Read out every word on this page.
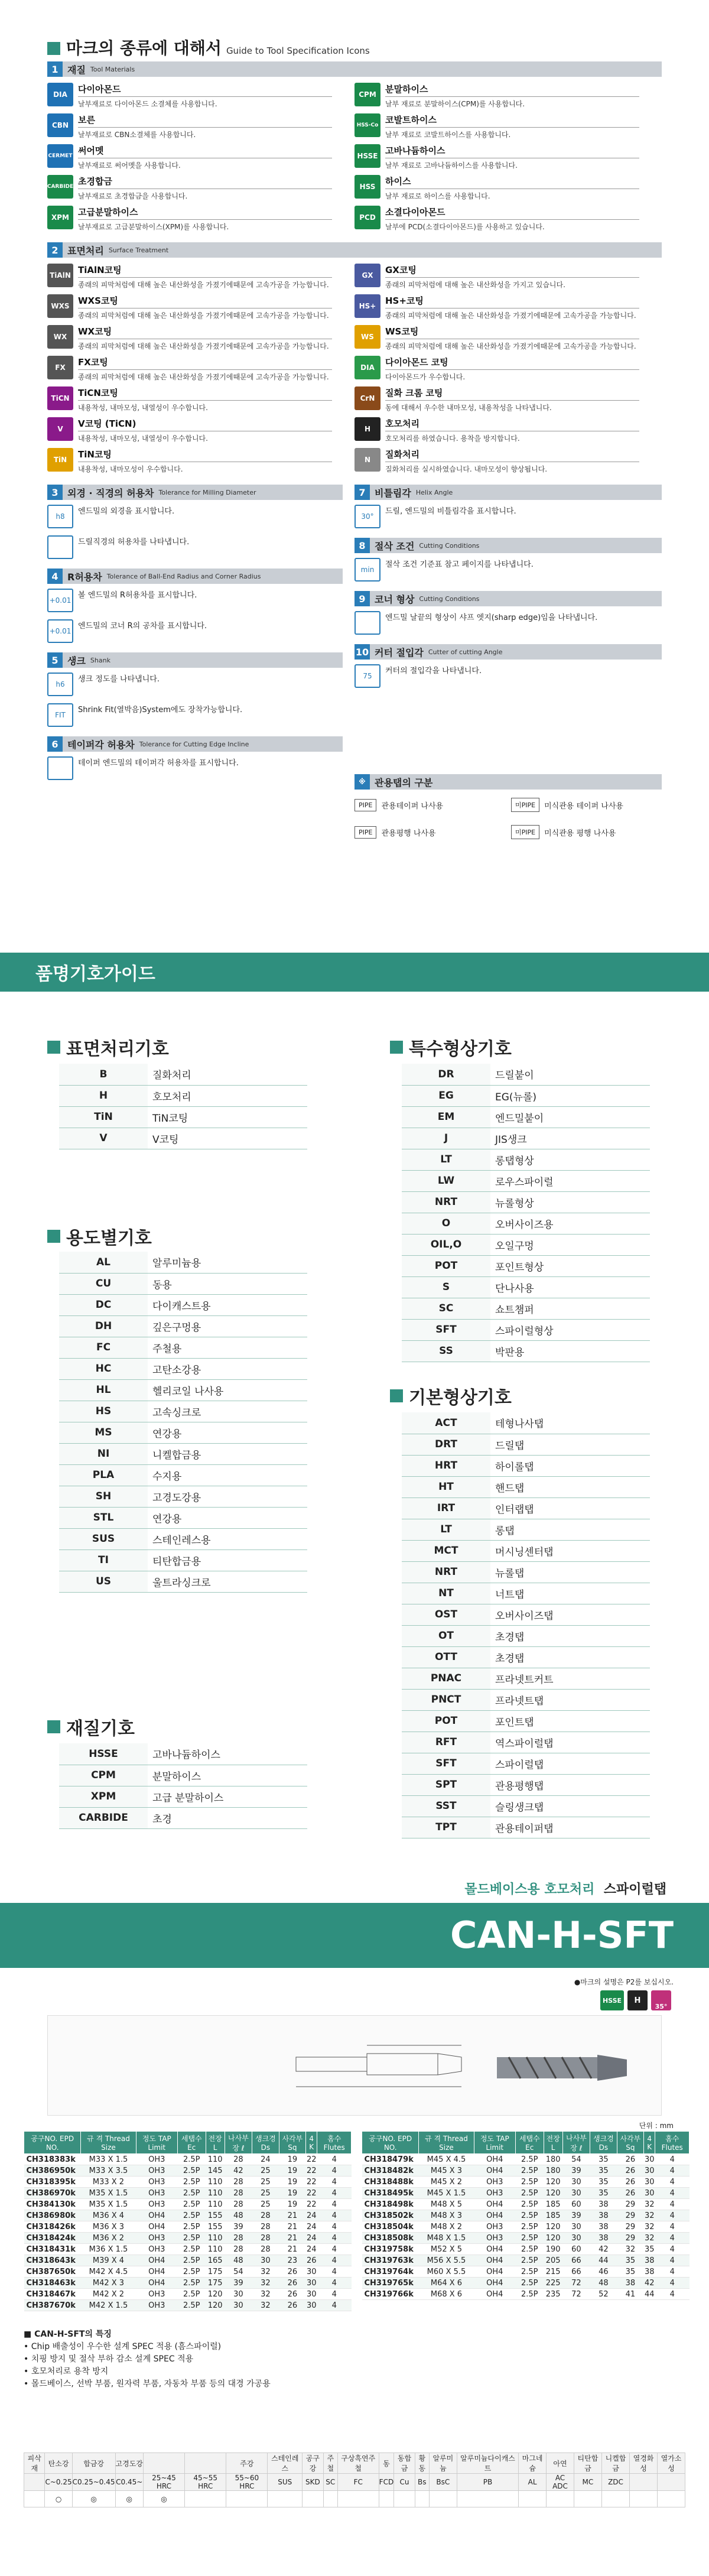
마크의 종류에 대해서 Guide to Tool Specification Icons
1 재질 Tool Materials
DIA	다이아몬드
날부재료로 다이아몬드 소결체를 사용합니다.
CBN	보른
날부재료로 CBN소결체를 사용합니다.
CERMET 써어멧
날부재료로 써어멧을 사용합니다.
CARBIDE 초경합금
날부재료로 초경합금을 사용합니다.
XPM	고급분말하이스
날부재료로 고급분말하이스(XPM)를 사용합니다.
CPM	분말하이스
날부 재료로 분말하이스(CPM)를 사용합니다.
HSS-Co 코발트하이스
날부 재료로 코발트하이스를 사용합니다.
HSSE 고바나듐하이스
날부 재료로 고바나듐하이스를 사용합니다.
HSS	하이스
날부 재료로 하이스를 사용합니다.
PCD	소결다이아몬드
날부에 PCD(소결다이아몬드)를 사용하고 있습니다.
2 표면처리 Surface Treatment
TiAlN TiAlN코팅
종래의 피막처럼에 대해 높은 내산화성을 가졌기에때문에 고속가공을 가능합니다.
WXS WXS코팅
종래의 피막처럼에 대해 높은 내산화성을 가졌기에때문에 고속가공을 가능합니다.
WX	WX코팅
종래의 피막처럼에 대해 높은 내산화성을 가졌기에때문에 고속가공을 가능합니다.
FX	FX코팅
종래의 피막처럼에 대해 높은 내산화성을 가졌기에때문에 고속가공을 가능합니다.
TiCN TiCN코팅
내용착성, 내마모성, 내열성이 우수합니다.
V	V코팅 (TiCN)
내용착성, 내마모성, 내열성이 우수합니다.
TiN	TiN코팅
내용착성, 내마모성이 우수합니다.
GX	GX코팅
종래의 피막처럼에 대해 높은 내산화성을 가지고 있습니다.
HS+	HS+코팅
종래의 피막처럼에 대해 높은 내산화성을 가졌기에때문에 고속가공을 가능합니다.
WS	WS코팅
종래의 피막처럼에 대해 높은 내산화성을 가졌기에때문에 고속가공을 가능합니다.
DIA	다이아몬드 코팅
다이아몬드가 우수합니다.
CrN	질화 크롬 코팅
동에 대해서 우수한 내마모성, 내용착성을 나타냅니다.
H	호모처리
호모처리를 하였습니다. 용착을 방지합니다.
N	질화처리
질화처리를 실시하였습니다. 내마모성이 향상됩니다.
3 외경 · 직경의 허용차 Tolerance for Milling Diameter
h8
엔드밀의 외경을 표시합니다.
드릴직경의 허용차를 나타냅니다.
4 R허용차 Tolerance of Ball-End Radius and Corner Radius
+0.01
볼 엔드밀의 R허용차를 표시합니다.
+0.01
엔드밀의 코너 R의 공차를 표시합니다.
5 생크 Shank
h6
생크 정도를 나타냅니다.
FIT
Shrink Fit(열박음)System에도 장착가능합니다.
6 테이퍼각 허용차 Tolerance for Cutting Edge Incline
테이퍼 엔드밀의 테이퍼각 허용차를 표시합니다.
7 비틀림각 Helix Angle
30°
드릴, 엔드밀의 비틀림각을 표시합니다.
8 절삭 조건 Cutting Conditions
min
절삭 조건 기준표 참고 페이지를 나타냅니다.
9 코너 형상 Cutting Conditions
엔드밀 날끝의 형상이 샤프 엣지(sharp edge)임을 나타냅니다.
10 커터 절입각 Cutter of cutting Angle
75
커터의 절입각을 나타냅니다.
※ 관용탭의 구분
PIPE	관용테이퍼 나사용	미PIPE	미식관용 테이퍼 나사용
PIPE	관용평행 나사용	미PIPE	미식관용 평행 나사용
품명기호가이드
표면처리기호
B	질화처리
H	호모처리
TiN	TiN코팅
V	V코팅
용도별기호
AL	알루미늄용
CU	동용
DC	다이캐스트용
DH	깊은구멍용
FC	주철용
HC	고탄소강용
HL	헬리코일 나사용
HS	고속싱크로
MS	연강용
NI	니켈합금용
PLA	수지용
SH	고경도강용
STL	연강용
SUS	스테인레스용
TI	티탄합금용
US	울트라싱크로
재질기호
HSSE	고바나듐하이스
CPM	분말하이스
XPM	고급 분말하이스
CARBIDE	초경
특수형상기호
DR	드릴붙이
EG	EG(뉴롤)
EM	엔드밀붙이
J	JIS생크
LT	롱탭형상
LW	로우스파이럴
NRT	뉴롤형상
O	오버사이즈용
OIL,O	오일구멍
POT	포인트형상
S	단나사용
SC	쇼트챔퍼
SFT	스파이럴형상
SS	박판용
기본형상기호
ACT	테형나사탭
DRT	드릴탭
HRT	하이롤탭
HT	핸드탭
IRT	인터랩탭
LT	롱탭
MCT	머시닝센터탭
NRT	뉴롤탭
NT	너트탭
OST	오버사이즈탭
OT	초경탭
OTT	초경탭
PNAC	프라넷트커트
PNCT	프라넷트탭
POT	포인트탭
RFT	역스파이럴탭
SFT	스파이럴탭
SPT	관용평행탭
SST	슬링생크탭
TPT	관용테이퍼탭
몰드베이스용 호모처리 스파이럴탭
CAN-H-SFT
●마크의 설명은 P2를 보십시오.
HSSE	H
35°
단위 : mm
공구NO. EPD NO.	규 격 Thread Size	정도 TAP Limit	세탭수 Ec	전장 L	나사부장 ℓ	생크경 Ds	사각부 Sq	4 K	홈수 Flutes
CH318383k	M33 X 1.5	OH3	2.5P	110	28	24	19	22	4
CH386950k	M33 X 3.5	OH3	2.5P	145	42	25	19	22	4
CH318395k	M33 X 2	OH3	2.5P	110	28	25	19	22	4
CH386970k	M35 X 1.5	OH3	2.5P	110	28	25	19	22	4
CH384130k	M35 X 1.5	OH3	2.5P	110	28	25	19	22	4
CH386980k	M36 X 4	OH4	2.5P	155	48	28	21	24	4
CH318426k	M36 X 3	OH4	2.5P	155	39	28	21	24	4
CH318424k	M36 X 2	OH3	2.5P	110	28	28	21	24	4
CH318431k	M36 X 1.5	OH3	2.5P	110	28	28	21	24	4
CH318643k	M39 X 4	OH4	2.5P	165	48	30	23	26	4
CH387650k	M42 X 4.5	OH4	2.5P	175	54	32	26	30	4
CH318463k	M42 X 3	OH4	2.5P	175	39	32	26	30	4
CH318467k	M42 X 2	OH3	2.5P	120	30	32	26	30	4
CH387670k	M42 X 1.5	OH3	2.5P	120	30	32	26	30	4
공구NO. EPD NO.	규 격 Thread Size	정도 TAP Limit	세탭수 Ec	전장 L	나사부장 ℓ	생크경 Ds	사각부 Sq	4 K	홈수 Flutes
CH318479k	M45 X 4.5	OH4	2.5P	180	54	35	26	30	4
CH318482k	M45 X 3	OH4	2.5P	180	39	35	26	30	4
CH318488k	M45 X 2	OH3	2.5P	120	30	35	26	30	4
CH318495k	M45 X 1.5	OH3	2.5P	120	30	35	26	30	4
CH318498k	M48 X 5	OH4	2.5P	185	60	38	29	32	4
CH318502k	M48 X 3	OH4	2.5P	185	39	38	29	32	4
CH318504k	M48 X 2	OH3	2.5P	120	30	38	29	32	4
CH318508k	M48 X 1.5	OH3	2.5P	120	30	38	29	32	4
CH319758k	M52 X 5	OH4	2.5P	190	60	42	32	35	4
CH319763k	M56 X 5.5	OH4	2.5P	205	66	44	35	38	4
CH319764k	M60 X 5.5	OH4	2.5P	215	66	46	35	38	4
CH319765k	M64 X 6	OH4	2.5P	225	72	48	38	42	4
CH319766k	M68 X 6	OH4	2.5P	235	72	52	41	44	4
■ CAN-H-SFT의 특징
• Chip 배출성이 우수한 설계 SPEC 적용 (흠스파이럴)
• 치핑 방지 및 절삭 부하 감소 설계 SPEC 적용
• 호모처리로 용착 방지
• 몰드베이스, 선박 부품, 원자력 부품, 자동차 부품 등의 대경 가공용
피삭재	탄소강	합금강	고경도강			주강	스테인레스	공구강	주철	구상흑연주철	동	동합금	황동	알루미늄	알루미늄다이캐스트	마그네슘	아연	티탄합금	니켈합금	열경화성	열가소성
	C~0.25	C0.25~0.45	C0.45~	25~45 HRC	45~55 HRC	55~60 HRC	SUS	SKD	SC	FC	FCD	Cu	Bs	BsC	PB	AL	AC ADC	MC	ZDC		
	○	◎	◎	◎																	
